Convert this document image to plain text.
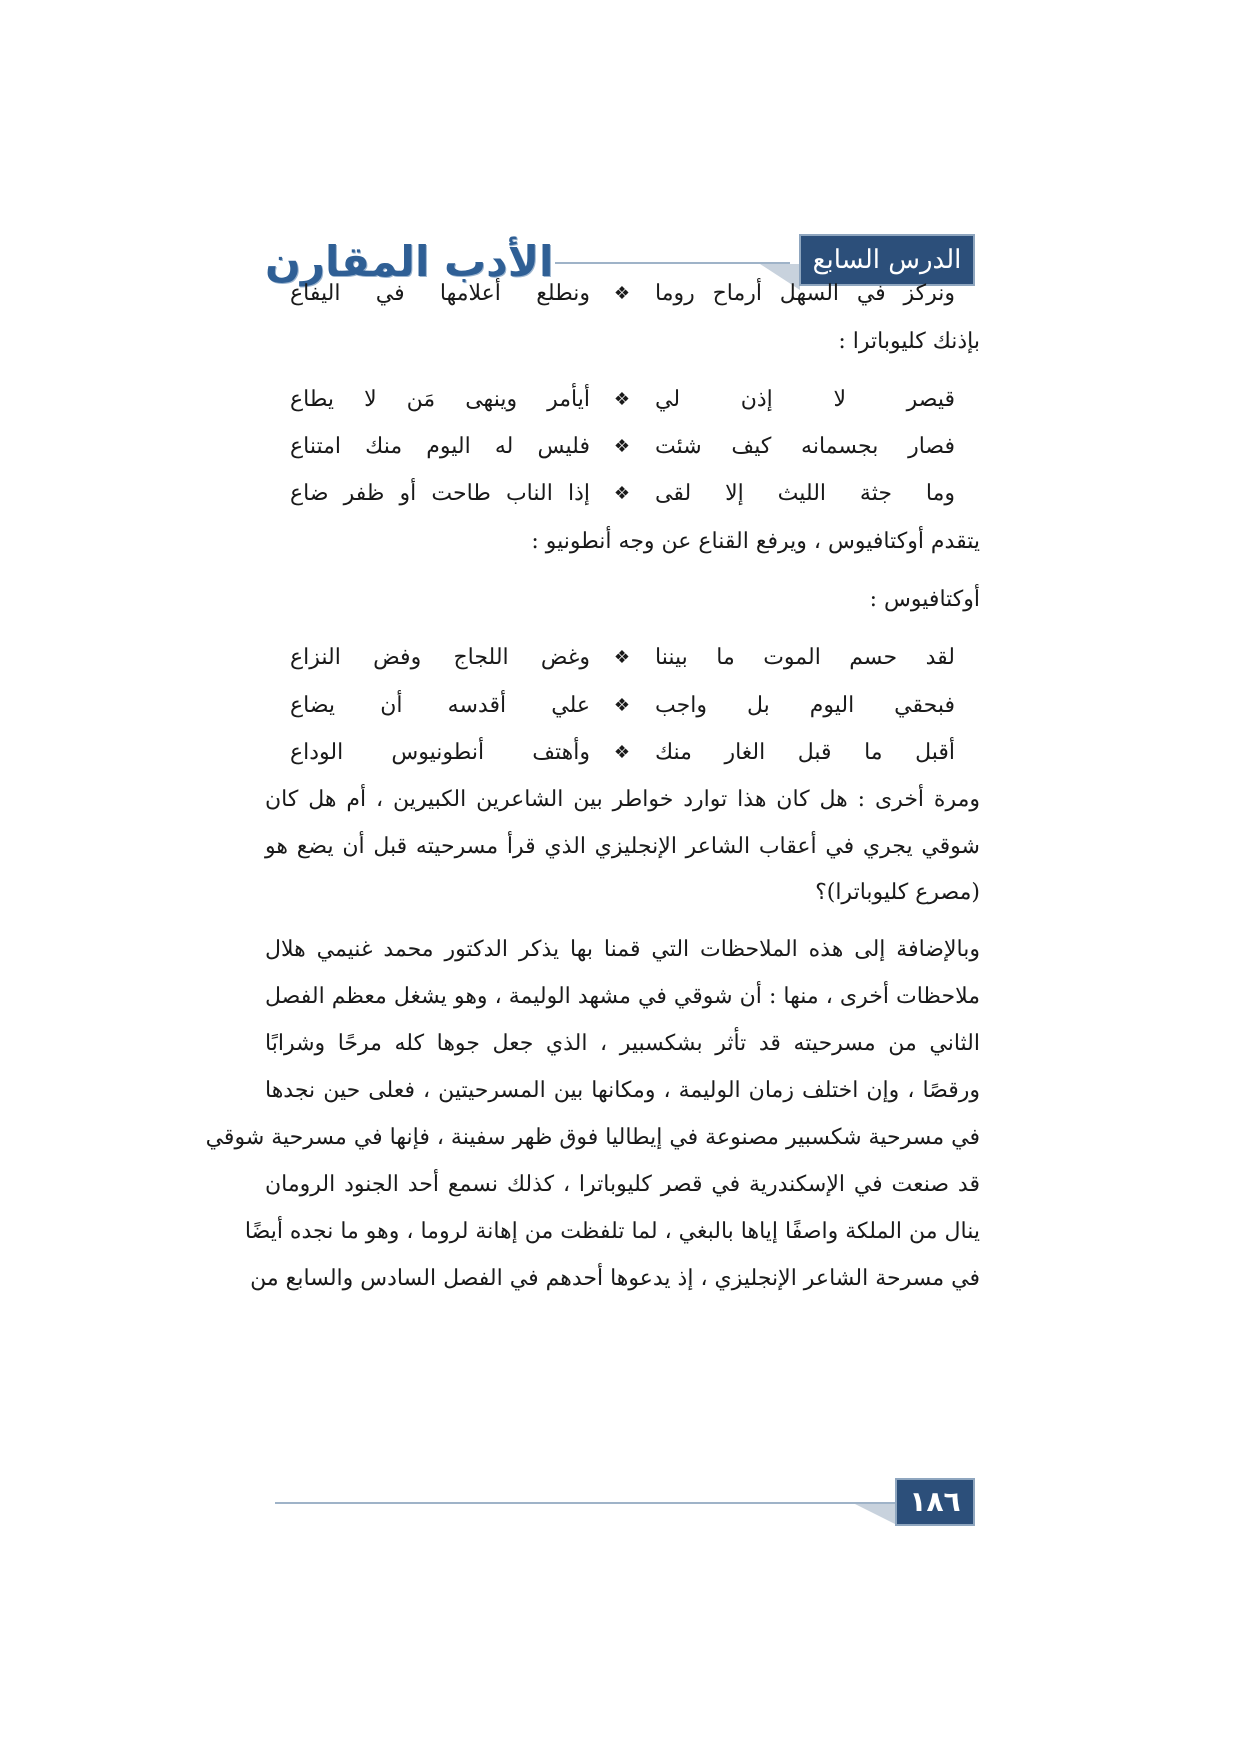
الأدب المقارن	الدرس السابع
ونركز
في
السهل
أرماح
روما
❖
ونطلع
أعلامها
في
اليفاع
بإذنك كليوباترا :
قيصر
لا
إذن
لي
❖
أيأمر
وينهى
مَن
لا
يطاع
فصار
بجسمانه
كيف
شئت
❖
فليس
له
اليوم
منك
امتناع
وما
جثة
الليث
إلا
لقى
❖
إذا
الناب
طاحت
أو
ظفر
ضاع
يتقدم أوكتافيوس ، ويرفع القناع عن وجه أنطونيو :
أوكتافيوس :
لقد
حسم
الموت
ما
بيننا
❖
وغض
اللجاج
وفض
النزاع
فبحقي
اليوم
بل
واجب
❖
علي
أقدسه
أن
يضاع
أقبل
ما
قبل
الغار
منك
❖
وأهتف
أنطونيوس
الوداع
ومرة أخرى : هل كان هذا توارد خواطر بين الشاعرين الكبيرين ، أم هل كان
شوقي يجري في أعقاب الشاعر الإنجليزي الذي قرأ مسرحيته قبل أن يضع هو
(مصرع كليوباترا)؟
وبالإضافة إلى هذه الملاحظات التي قمنا بها يذكر الدكتور محمد غنيمي هلال
ملاحظات أخرى ، منها : أن شوقي في مشهد الوليمة ، وهو يشغل معظم الفصل
الثاني من مسرحيته قد تأثر بشكسبير ، الذي جعل جوها كله مرحًا وشرابًا
ورقصًا ، وإن اختلف زمان الوليمة ، ومكانها بين المسرحيتين ، فعلى حين نجدها
في مسرحية شكسبير مصنوعة في إيطاليا فوق ظهر سفينة ، فإنها في مسرحية شوقي
قد صنعت في الإسكندرية في قصر كليوباترا ، كذلك نسمع أحد الجنود الرومان
ينال من الملكة واصفًا إياها بالبغي ، لما تلفظت من إهانة لروما ، وهو ما نجده أيضًا
في مسرحة الشاعر الإنجليزي ، إذ يدعوها أحدهم في الفصل السادس والسابع من
١٨٦
